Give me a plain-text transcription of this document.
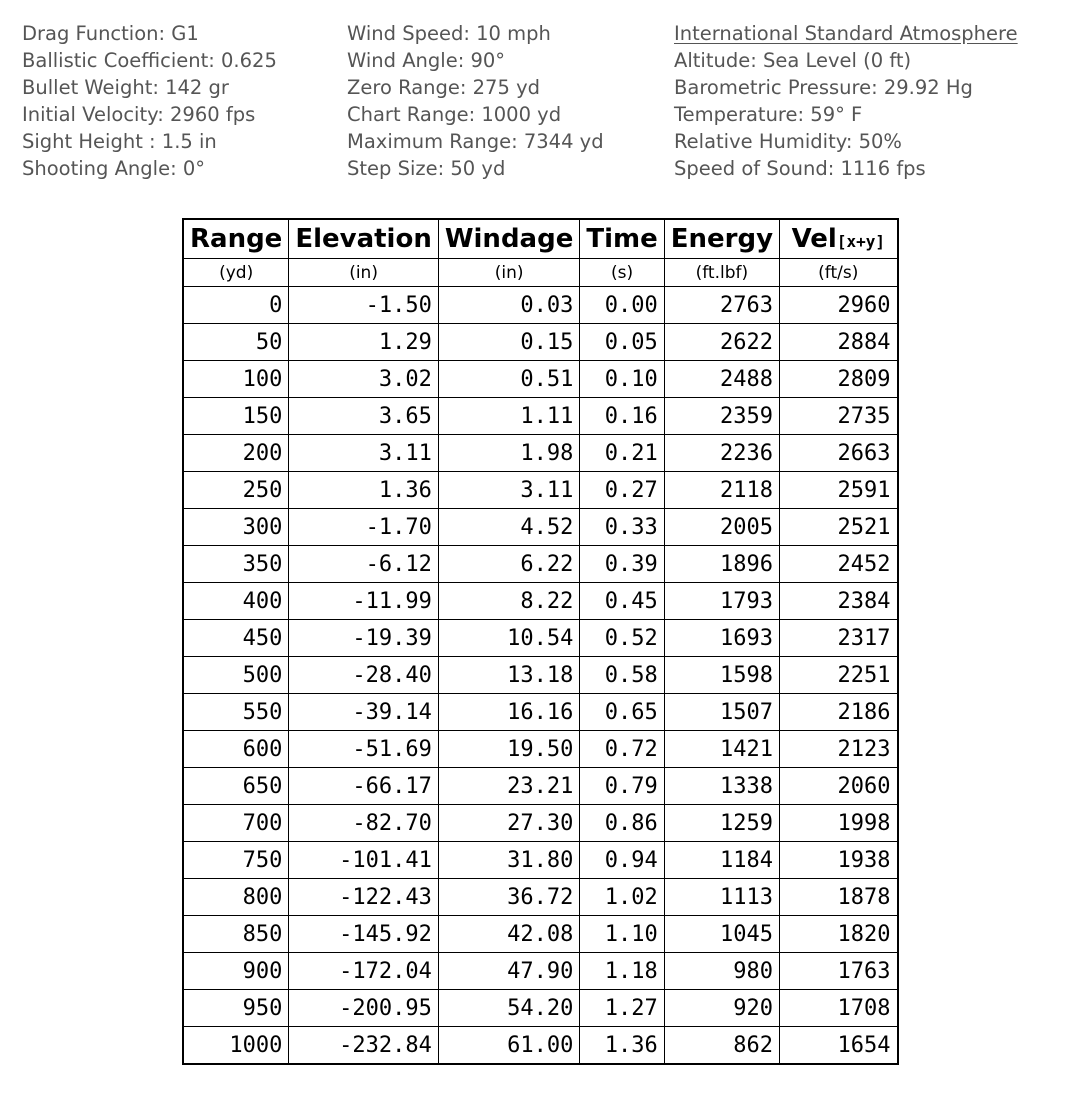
Drag Function: G1
Ballistic Coefficient: 0.625
Bullet Weight: 142 gr
Initial Velocity: 2960 fps
Sight Height : 1.5 in
Shooting Angle: 0°
Wind Speed: 10 mph
Wind Angle: 90°
Zero Range: 275 yd
Chart Range: 1000 yd
Maximum Range: 7344 yd
Step Size: 50 yd
International Standard Atmosphere
Altitude: Sea Level (0 ft)
Barometric Pressure: 29.92 Hg
Temperature: 59° F
Relative Humidity: 50%
Speed of Sound: 1116 fps
Range	Elevation	Windage	Time	Energy	Vel[x+y]
(yd)	(in)	(in)	(s)	(ft.lbf)	(ft/s)
0	-1.50	0.03	0.00	2763	2960
50	1.29	0.15	0.05	2622	2884
100	3.02	0.51	0.10	2488	2809
150	3.65	1.11	0.16	2359	2735
200	3.11	1.98	0.21	2236	2663
250	1.36	3.11	0.27	2118	2591
300	-1.70	4.52	0.33	2005	2521
350	-6.12	6.22	0.39	1896	2452
400	-11.99	8.22	0.45	1793	2384
450	-19.39	10.54	0.52	1693	2317
500	-28.40	13.18	0.58	1598	2251
550	-39.14	16.16	0.65	1507	2186
600	-51.69	19.50	0.72	1421	2123
650	-66.17	23.21	0.79	1338	2060
700	-82.70	27.30	0.86	1259	1998
750	-101.41	31.80	0.94	1184	1938
800	-122.43	36.72	1.02	1113	1878
850	-145.92	42.08	1.10	1045	1820
900	-172.04	47.90	1.18	980	1763
950	-200.95	54.20	1.27	920	1708
1000	-232.84	61.00	1.36	862	1654
